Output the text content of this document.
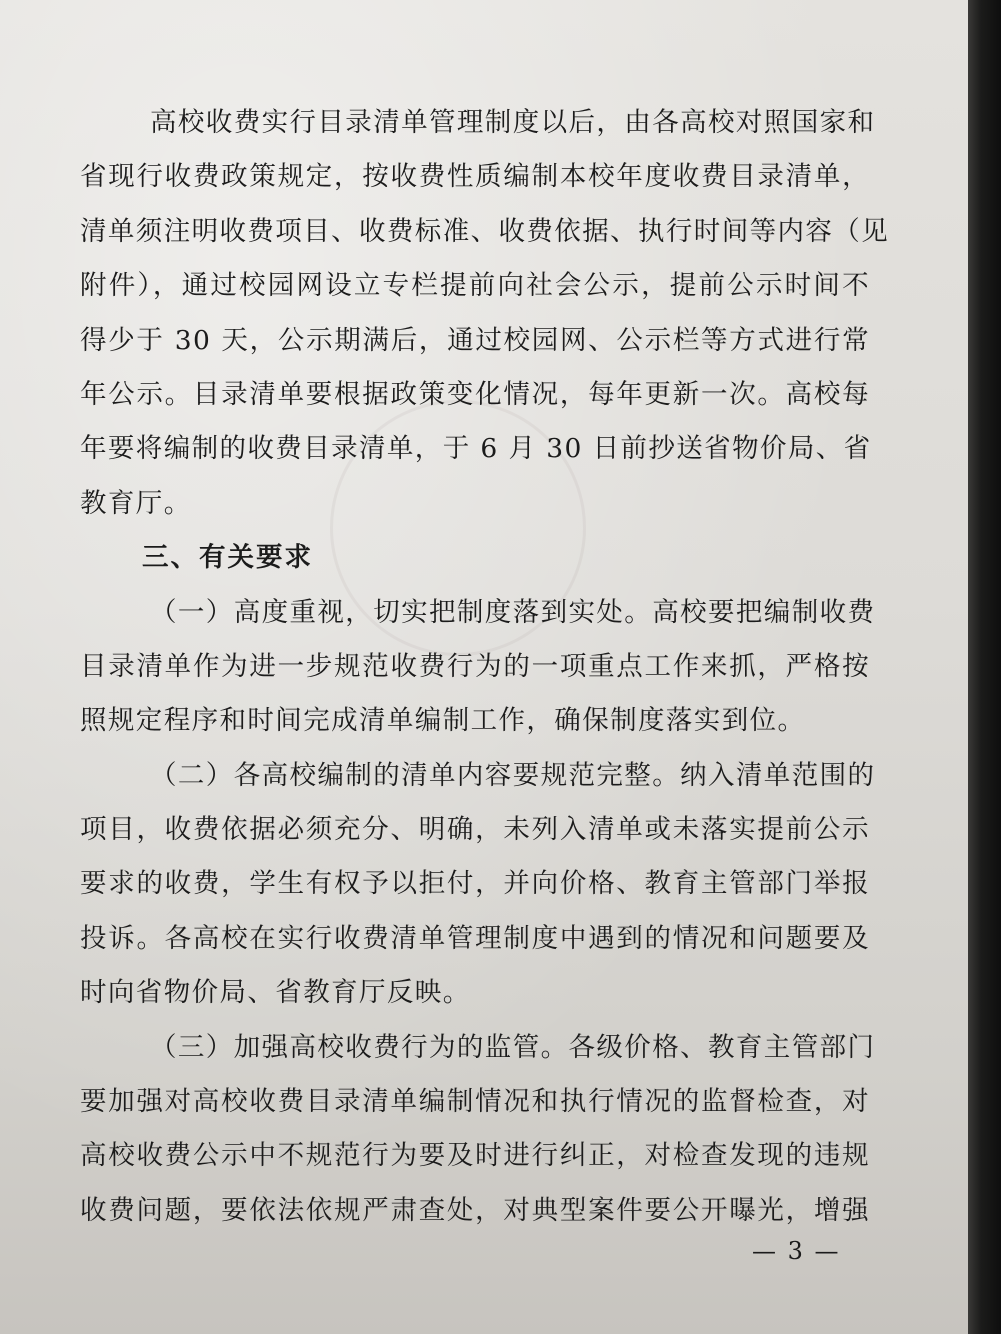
高校收费实行目录清单管理制度以后，由各高校对照国家和
省现行收费政策规定，按收费性质编制本校年度收费目录清单，
清单须注明收费项目、收费标准、收费依据、执行时间等内容（见
附件），通过校园网设立专栏提前向社会公示，提前公示时间不
得少于 30 天，公示期满后，通过校园网、公示栏等方式进行常
年公示。目录清单要根据政策变化情况，每年更新一次。高校每
年要将编制的收费目录清单，于 6 月 30 日前抄送省物价局、省
教育厅。
三、有关要求
（一）高度重视，切实把制度落到实处。高校要把编制收费
目录清单作为进一步规范收费行为的一项重点工作来抓，严格按
照规定程序和时间完成清单编制工作，确保制度落实到位。
（二）各高校编制的清单内容要规范完整。纳入清单范围的
项目，收费依据必须充分、明确，未列入清单或未落实提前公示
要求的收费，学生有权予以拒付，并向价格、教育主管部门举报
投诉。各高校在实行收费清单管理制度中遇到的情况和问题要及
时向省物价局、省教育厅反映。
（三）加强高校收费行为的监管。各级价格、教育主管部门
要加强对高校收费目录清单编制情况和执行情况的监督检查，对
高校收费公示中不规范行为要及时进行纠正，对检查发现的违规
收费问题，要依法依规严肃查处，对典型案件要公开曝光，增强
— 3 —
